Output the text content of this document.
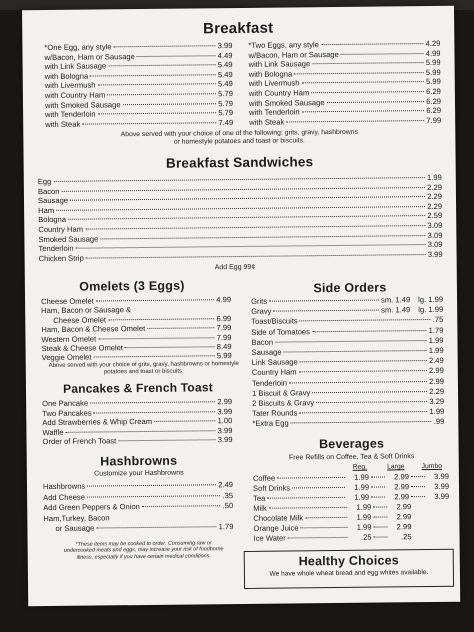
Breakfast
Above served with your choice of one of the following: grits, gravy, hashbrowns or homestyle potatoes and toast or biscuits.
Breakfast Sandwiches
Add Egg 99¢
Omelets (3 Eggs)
Above served with your choice of grits, gravy, hashbrowns or homestyle potatoes and toast or biscuits.
Pancakes & French Toast
Hashbrowns
Customize your Hashbrowns
*These items may be cooked to order. Consuming raw or undercooked meats and eggs, may increase your risk of foodborne illness, especially if you have certain medical conditions.
Side Orders
Beverages
Free Refills on Coffee, Tea & Soft Drinks
Reg.	Large	Jumbo
Healthy Choices
We have whole wheat bread and egg whites available.
*One Egg, any style	3.99
w/Bacon, Ham or Sausage	4.49
with Link Sausage	5.49
with Bologna	5.49
with Livermush	5.49
with Country Ham	5.79
with Smoked Sausage	5.79
with Tenderloin	5.79
with Steak	7.49
*Two Eggs, any style	4.29
w/Bacon, Ham or Sausage	4.99
with Link Sausage	5.99
with Bologna	5.99
with Livermush	5.99
with Country Ham	6.29
with Smoked Sausage	6.29
with Tenderloin	6.29
with Steak	7.99
Egg	1.99
Bacon	2.29
Sausage	2.29
Ham	2.29
Bologna	2.59
Country Ham	3.09
Smoked Sausage	3.09
Tenderloin	3.09
Chicken Strip	3.99
Cheese Omelet	4.99
Ham, Bacon or Sausage &
Cheese Omelet	6.99
Ham, Bacon & Cheese Omelet	7.99
Western Omelet	7.99
Steak & Cheese Omelet	8.49
Veggie Omelet	5.99
One Pancake	2.99
Two Pancakes	3.99
Add Strawberries & Whip Cream	1.00
Waffle	3.99
Order of French Toast	3.99
Hashbrowns	2.49
Add Cheese	.35
Add Green Peppers & Onion	.50
Ham,Turkey, Bacon
or Sausage	1.79
Grits	sm. 1.49 lg. 1.99
Gravy	sm. 1.49 lg. 1.99
Toast/Biscuits	.75
Side of Tomatoes	1.79
Bacon	1.99
Sausage	1.99
Link Sausage	2.49
Country Ham	2.99
Tenderloin	2.99
1 Biscuit & Gravy	2.29
2 Biscuits & Gravy	3.29
Tater Rounds	1.99
*Extra Egg	.99
Coffee	1.99	2.99	3.99
Soft Drinks	1.99	2.99	3.99
Tea	1.99	2.99	3.99
Milk	1.99	2.99
Chocolate Milk	1.99	2.99
Orange Juice	1.99	2.99
Ice Water	.25	.25
